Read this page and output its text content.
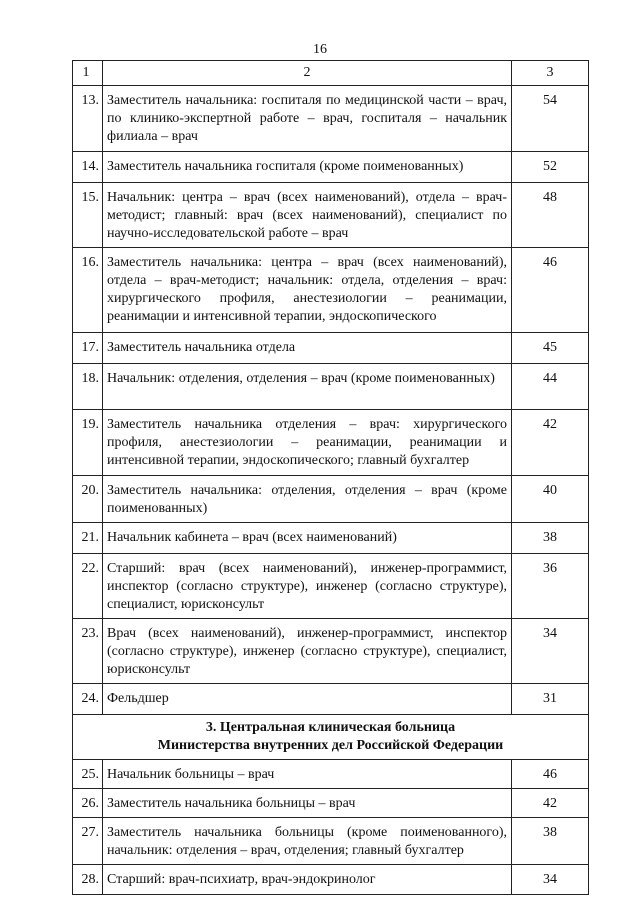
16
1	2	3

13.	Заместитель начальника: госпиталя по медицинской части – врач, по клинико-экспертной работе – врач, госпиталя – начальник филиала – врач	54

14.	Заместитель начальника госпиталя (кроме поименованных)	52

15.	Начальник: центра – врач (всех наименований), отдела – врач-методист; главный: врач (всех наименований), специалист по научно-исследовательской работе – врач	48

16.	Заместитель начальника: центра – врач (всех наименований), отдела – врач-методист; начальник: отдела, отделения – врач: хирургического профиля, анестезиологии – реанимации, реанимации и интенсивной терапии, эндоскопического	46

17.	Заместитель начальника отдела	45

18.	Начальник: отделения, отделения – врач (кроме поименованных)	44

19.	Заместитель начальника отделения – врач: хирургического профиля, анестезиологии – реанимации, реанимации и интенсивной терапии, эндоскопического; главный бухгалтер	42

20.	Заместитель начальника: отделения, отделения – врач (кроме поименованных)	40

21.	Начальник кабинета – врач (всех наименований)	38

22.	Старший: врач (всех наименований), инженер-программист, инспектор (согласно структуре), инженер (согласно структуре), специалист, юрисконсульт	36

23.	Врач (всех наименований), инженер-программист, инспектор (согласно структуре), инженер (согласно структуре), специалист, юрисконсульт	34

24.	Фельдшер	31

3. Центральная клиническая больница
Министерства внутренних дел Российской Федерации		

25.	Начальник больницы – врач	46

26.	Заместитель начальника больницы – врач	42

27.	Заместитель начальника больницы (кроме поименованного), начальник: отделения – врач, отделения; главный бухгалтер	38

28.	Старший: врач-психиатр, врач-эндокринолог	34
